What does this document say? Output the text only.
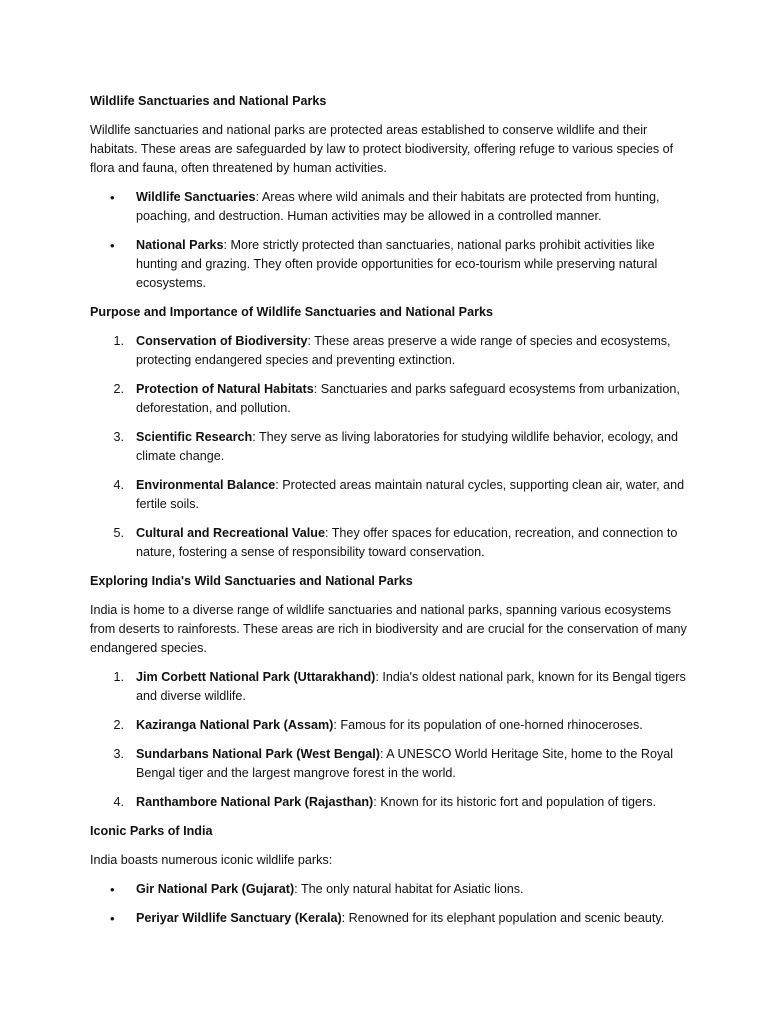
Wildlife Sanctuaries and National Parks
Wildlife sanctuaries and national parks are protected areas established to conserve wildlife and their habitats. These areas are safeguarded by law to protect biodiversity, offering refuge to various species of flora and fauna, often threatened by human activities.
• Wildlife Sanctuaries: Areas where wild animals and their habitats are protected from hunting, poaching, and destruction. Human activities may be allowed in a controlled manner.
• National Parks: More strictly protected than sanctuaries, national parks prohibit activities like hunting and grazing. They often provide opportunities for eco-tourism while preserving natural ecosystems.
Purpose and Importance of Wildlife Sanctuaries and National Parks
1. Conservation of Biodiversity: These areas preserve a wide range of species and ecosystems, protecting endangered species and preventing extinction.
2. Protection of Natural Habitats: Sanctuaries and parks safeguard ecosystems from urbanization, deforestation, and pollution.
3. Scientific Research: They serve as living laboratories for studying wildlife behavior, ecology, and climate change.
4. Environmental Balance: Protected areas maintain natural cycles, supporting clean air, water, and fertile soils.
5. Cultural and Recreational Value: They offer spaces for education, recreation, and connection to nature, fostering a sense of responsibility toward conservation.
Exploring India's Wild Sanctuaries and National Parks
India is home to a diverse range of wildlife sanctuaries and national parks, spanning various ecosystems from deserts to rainforests. These areas are rich in biodiversity and are crucial for the conservation of many endangered species.
1. Jim Corbett National Park (Uttarakhand): India's oldest national park, known for its Bengal tigers and diverse wildlife.
2. Kaziranga National Park (Assam): Famous for its population of one-horned rhinoceroses.
3. Sundarbans National Park (West Bengal): A UNESCO World Heritage Site, home to the Royal Bengal tiger and the largest mangrove forest in the world.
4. Ranthambore National Park (Rajasthan): Known for its historic fort and population of tigers.
Iconic Parks of India
India boasts numerous iconic wildlife parks:
• Gir National Park (Gujarat): The only natural habitat for Asiatic lions.
• Periyar Wildlife Sanctuary (Kerala): Renowned for its elephant population and scenic beauty.
